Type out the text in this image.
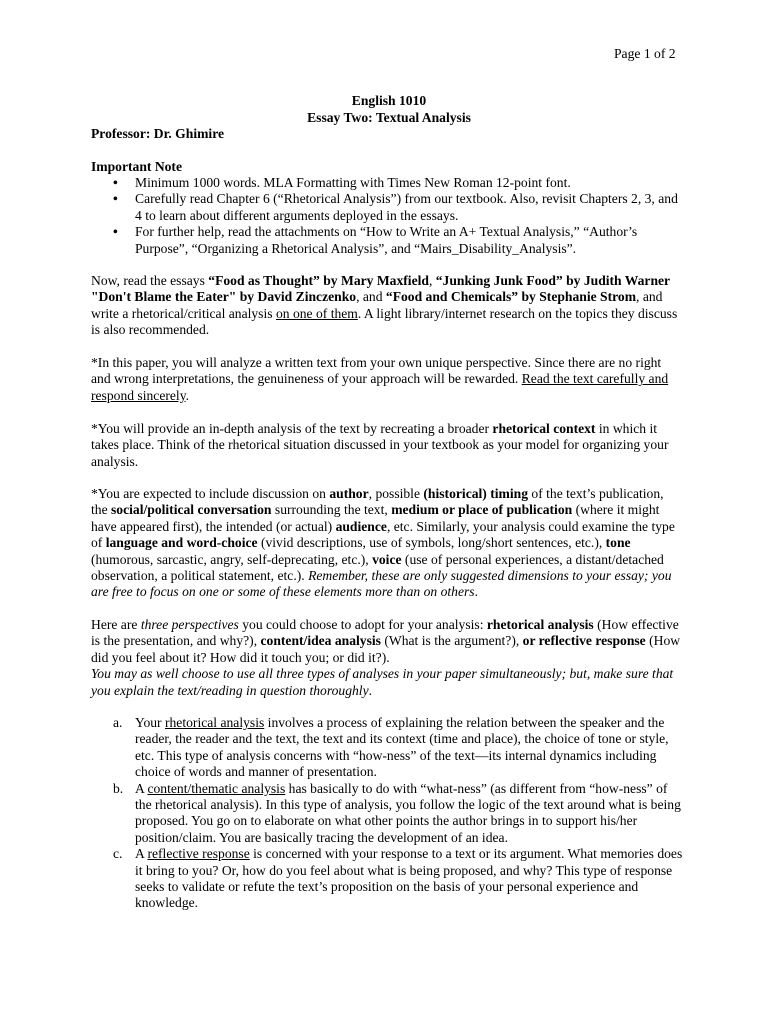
Page 1 of 2
English 1010
Essay Two: Textual Analysis
Professor: Dr. Ghimire
Important Note
• Minimum 1000 words. MLA Formatting with Times New Roman 12-point font.
• Carefully read Chapter 6 (“Rhetorical Analysis”) from our textbook. Also, revisit Chapters 2, 3, and 4 to learn about different arguments deployed in the essays.
• For further help, read the attachments on “How to Write an A+ Textual Analysis,” “Author’s Purpose”, “Organizing a Rhetorical Analysis”, and “Mairs_Disability_Analysis”.

Now, read the essays “Food as Thought” by Mary Maxfield, “Junking Junk Food” by Judith Warner "Don't Blame the Eater" by David Zinczenko, and “Food and Chemicals” by Stephanie Strom, and write a rhetorical/critical analysis on one of them. A light library/internet research on the topics they discuss is also recommended.

*In this paper, you will analyze a written text from your own unique perspective. Since there are no right and wrong interpretations, the genuineness of your approach will be rewarded. Read the text carefully and respond sincerely.

*You will provide an in-depth analysis of the text by recreating a broader rhetorical context in which it takes place. Think of the rhetorical situation discussed in your textbook as your model for organizing your analysis.

*You are expected to include discussion on author, possible (historical) timing of the text’s publication, the social/political conversation surrounding the text, medium or place of publication (where it might have appeared first), the intended (or actual) audience, etc. Similarly, your analysis could examine the type of language and word-choice (vivid descriptions, use of symbols, long/short sentences, etc.), tone (humorous, sarcastic, angry, self-deprecating, etc.), voice (use of personal experiences, a distant/detached observation, a political statement, etc.). Remember, these are only suggested dimensions to your essay; you are free to focus on one or some of these elements more than on others.

Here are three perspectives you could choose to adopt for your analysis: rhetorical analysis (How effective is the presentation, and why?), content/idea analysis (What is the argument?), or reflective response (How did you feel about it? How did it touch you; or did it?).
You may as well choose to use all three types of analyses in your paper simultaneously; but, make sure that you explain the text/reading in question thoroughly.

a. Your rhetorical analysis involves a process of explaining the relation between the speaker and the reader, the reader and the text, the text and its context (time and place), the choice of tone or style, etc. This type of analysis concerns with “how-ness” of the text—its internal dynamics including choice of words and manner of presentation.
b. A content/thematic analysis has basically to do with “what-ness” (as different from “how-ness” of the rhetorical analysis). In this type of analysis, you follow the logic of the text around what is being proposed. You go on to elaborate on what other points the author brings in to support his/her position/claim. You are basically tracing the development of an idea.
c. A reflective response is concerned with your response to a text or its argument. What memories does it bring to you? Or, how do you feel about what is being proposed, and why? This type of response seeks to validate or refute the text’s proposition on the basis of your personal experience and knowledge.
